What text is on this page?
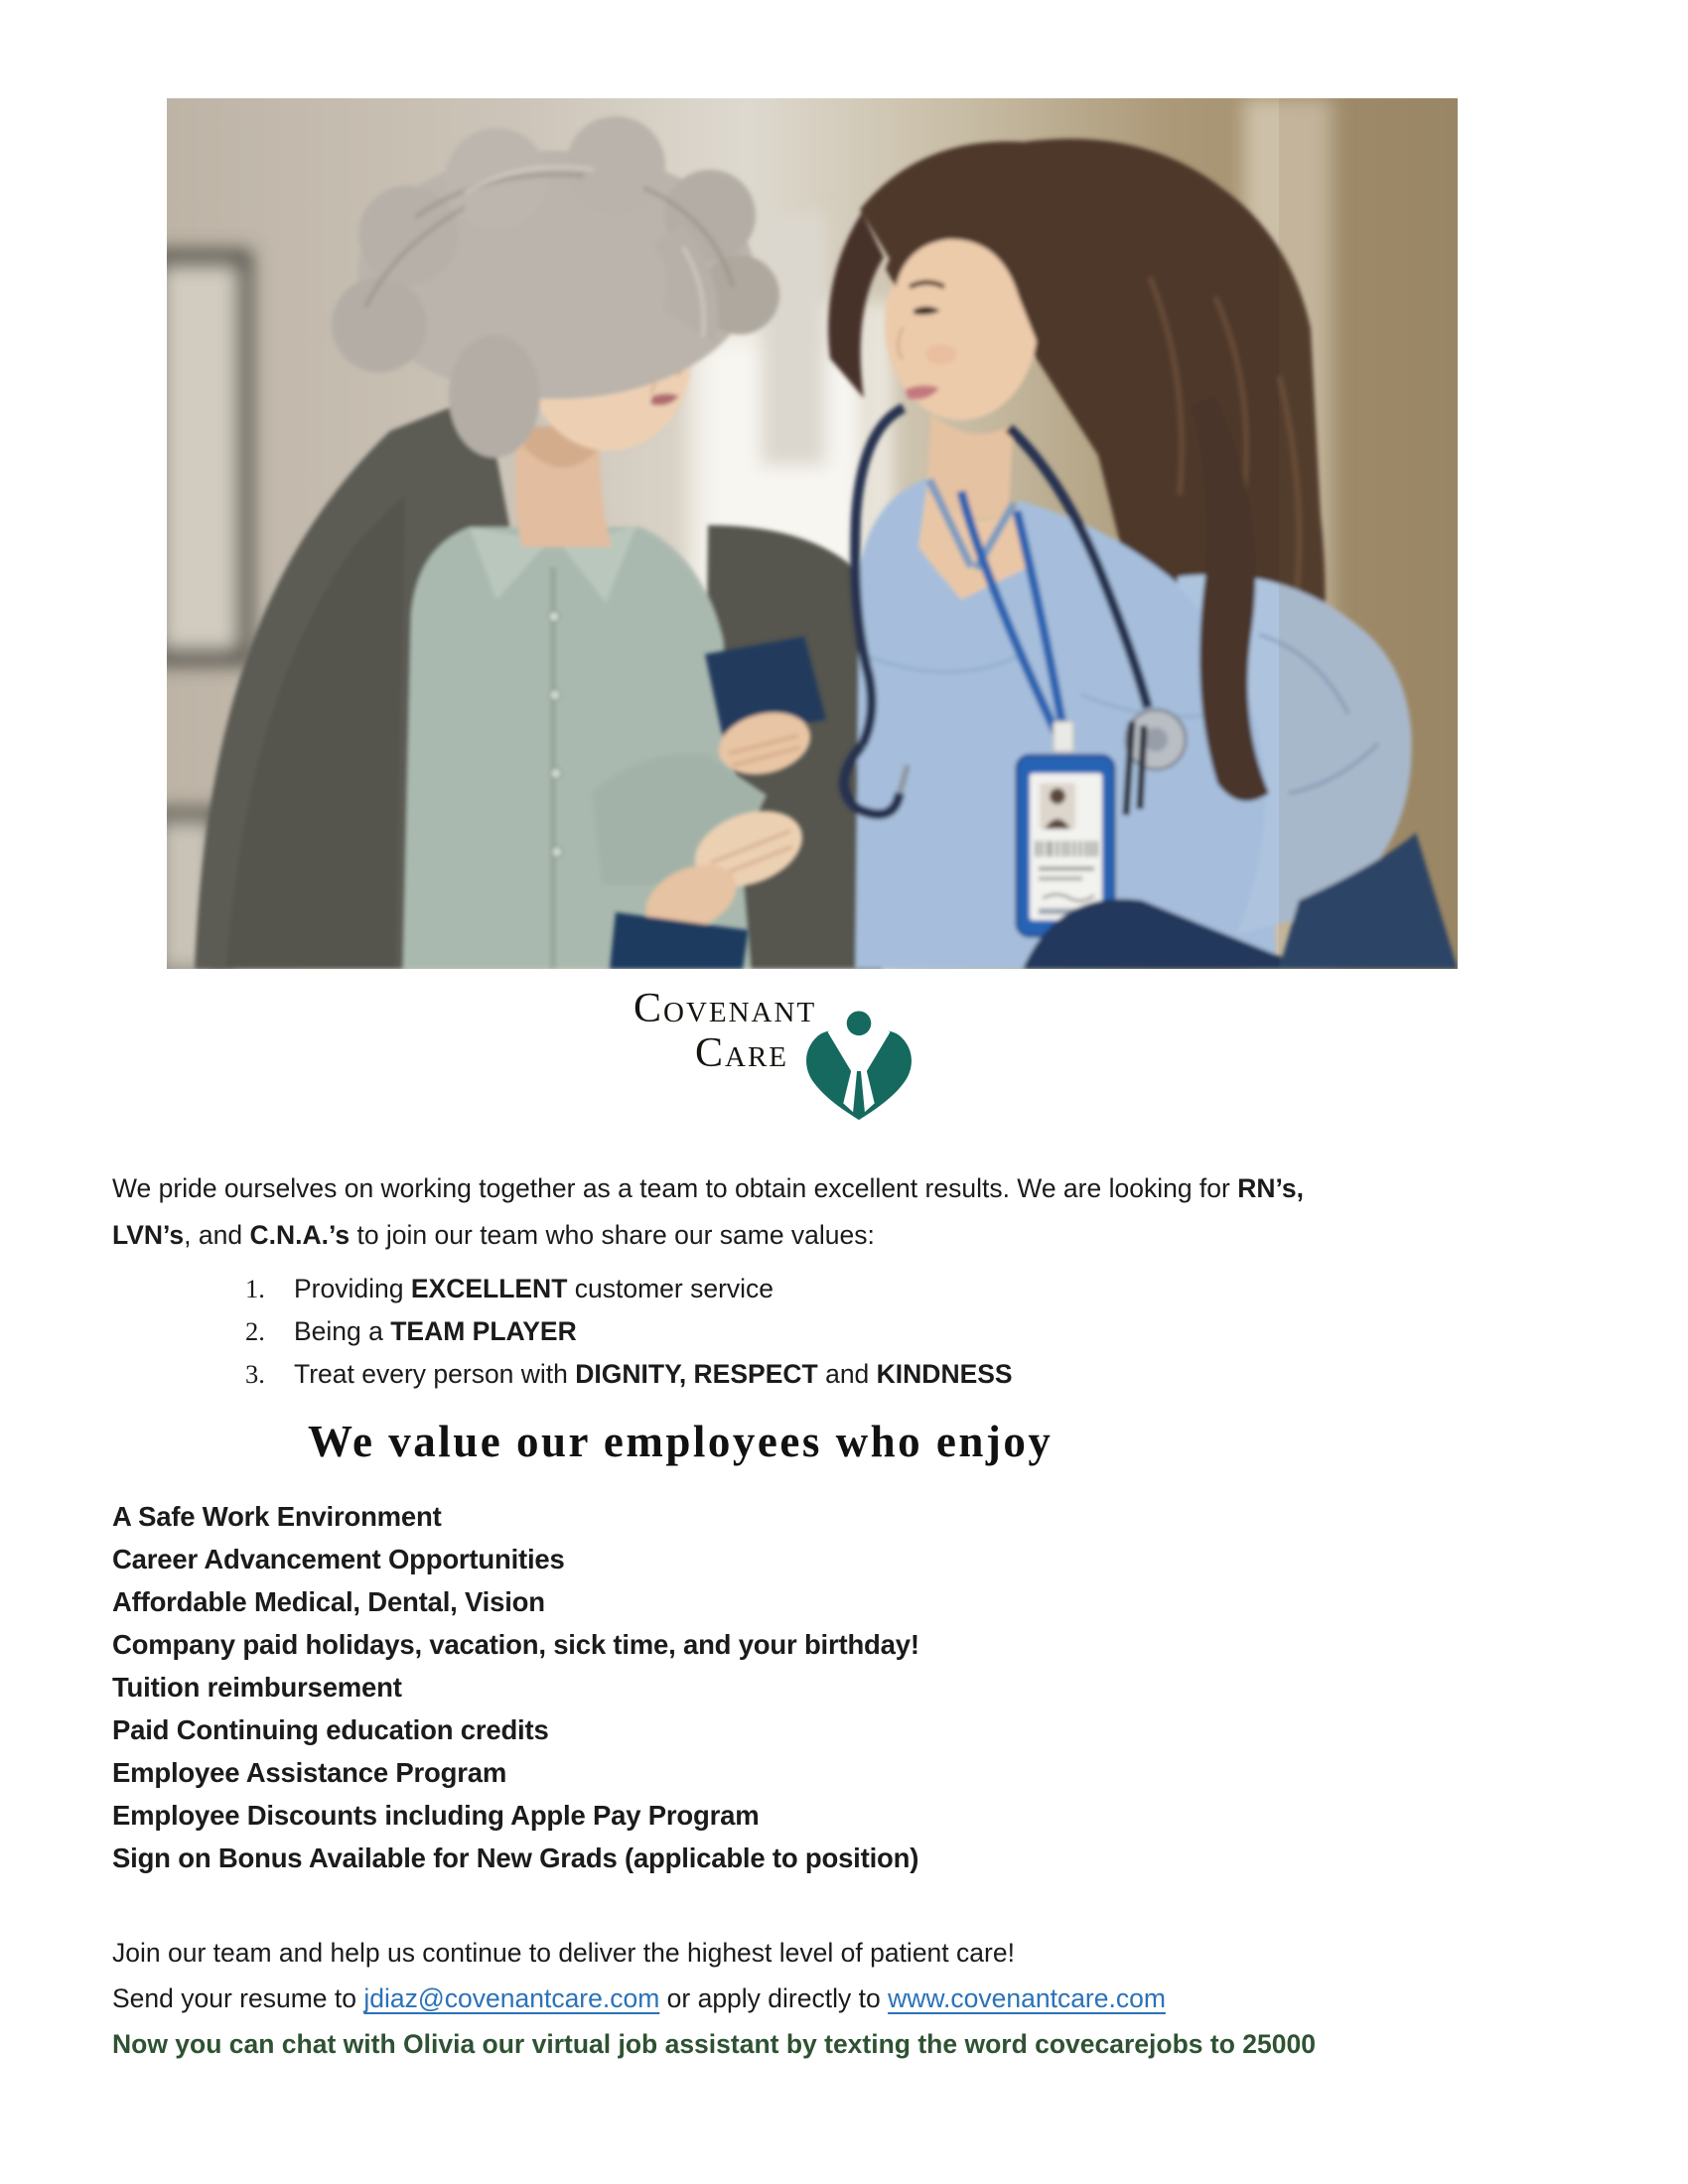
Covenant
Care
We pride ourselves on working together as a team to obtain excellent results. We are looking for RN’s,
LVN’s, and C.N.A.’s to join our team who share our same values:
1.	Providing EXCELLENT customer service
2.	Being a TEAM PLAYER
3.	Treat every person with DIGNITY, RESPECT and KINDNESS
We value our employees who enjoy
A Safe Work Environment
Career Advancement Opportunities
Affordable Medical, Dental, Vision
Company paid holidays, vacation, sick time, and your birthday!
Tuition reimbursement
Paid Continuing education credits
Employee Assistance Program
Employee Discounts including Apple Pay Program
Sign on Bonus Available for New Grads (applicable to position)
Join our team and help us continue to deliver the highest level of patient care!
Send your resume to jdiaz@covenantcare.com or apply directly to www.covenantcare.com
Now you can chat with Olivia our virtual job assistant by texting the word covecarejobs to 25000
